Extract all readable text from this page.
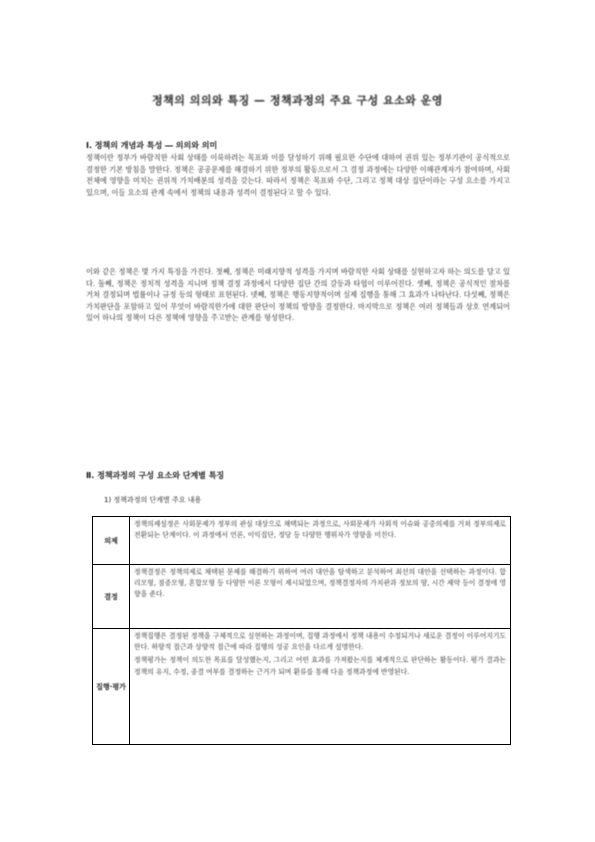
정책의 의의와 특징 — 정책과정의 주요 구성 요소와 운영
Ⅰ. 정책의 개념과 특성 ― 의의와 의미
정책이란 정부가 바람직한 사회 상태를 이룩하려는 목표와 이를 달성하기 위해 필요한 수단에 대하여 권위 있는 정부기관이 공식적으로 결정한 기본 방침을 말한다. 정책은 공공문제를 해결하기 위한 정부의 활동으로서 그 결정 과정에는 다양한 이해관계자가 참여하며, 사회 전체에 영향을 미치는 권위적 가치배분의 성격을 갖는다. 따라서 정책은 목표와 수단, 그리고 정책 대상 집단이라는 구성 요소를 가지고 있으며, 이들 요소의 관계 속에서 정책의 내용과 성격이 결정된다고 할 수 있다.
이와 같은 정책은 몇 가지 특징을 가진다. 첫째, 정책은 미래지향적 성격을 가지며 바람직한 사회 상태를 실현하고자 하는 의도를 담고 있다. 둘째, 정책은 정치적 성격을 지니며 정책 결정 과정에서 다양한 집단 간의 갈등과 타협이 이루어진다. 셋째, 정책은 공식적인 절차를 거쳐 결정되며 법률이나 규정 등의 형태로 표현된다. 넷째, 정책은 행동지향적이며 실제 집행을 통해 그 효과가 나타난다. 다섯째, 정책은 가치판단을 포함하고 있어 무엇이 바람직한가에 대한 판단이 정책의 방향을 결정한다. 마지막으로 정책은 여러 정책들과 상호 연계되어 있어 하나의 정책이 다른 정책에 영향을 주고받는 관계를 형성한다.
Ⅱ. 정책과정의 구성 요소와 단계별 특징
1) 정책과정의 단계별 주요 내용
의제	정책의제설정은 사회문제가 정부의 관심 대상으로 채택되는 과정으로, 사회문제가 사회적 이슈와 공중의제를 거쳐 정부의제로 전환되는 단계이다. 이 과정에서 언론, 이익집단, 정당 등 다양한 행위자가 영향을 미친다.

결정	정책결정은 정책의제로 채택된 문제를 해결하기 위하여 여러 대안을 탐색하고 분석하여 최선의 대안을 선택하는 과정이다. 합리모형, 점증모형, 혼합모형 등 다양한 이론 모형이 제시되었으며, 정책결정자의 가치관과 정보의 양, 시간 제약 등이 결정에 영향을 준다.

집행·평가	정책집행은 결정된 정책을 구체적으로 실현하는 과정이며, 집행 과정에서 정책 내용이 수정되거나 새로운 결정이 이루어지기도 한다. 하향적 접근과 상향적 접근에 따라 집행의 성공 요인을 다르게 설명한다.

정책평가는 정책이 의도한 목표를 달성했는지, 그리고 어떤 효과를 가져왔는지를 체계적으로 판단하는 활동이다. 평가 결과는 정책의 유지, 수정, 종결 여부를 결정하는 근거가 되며 환류를 통해 다음 정책과정에 반영된다.
